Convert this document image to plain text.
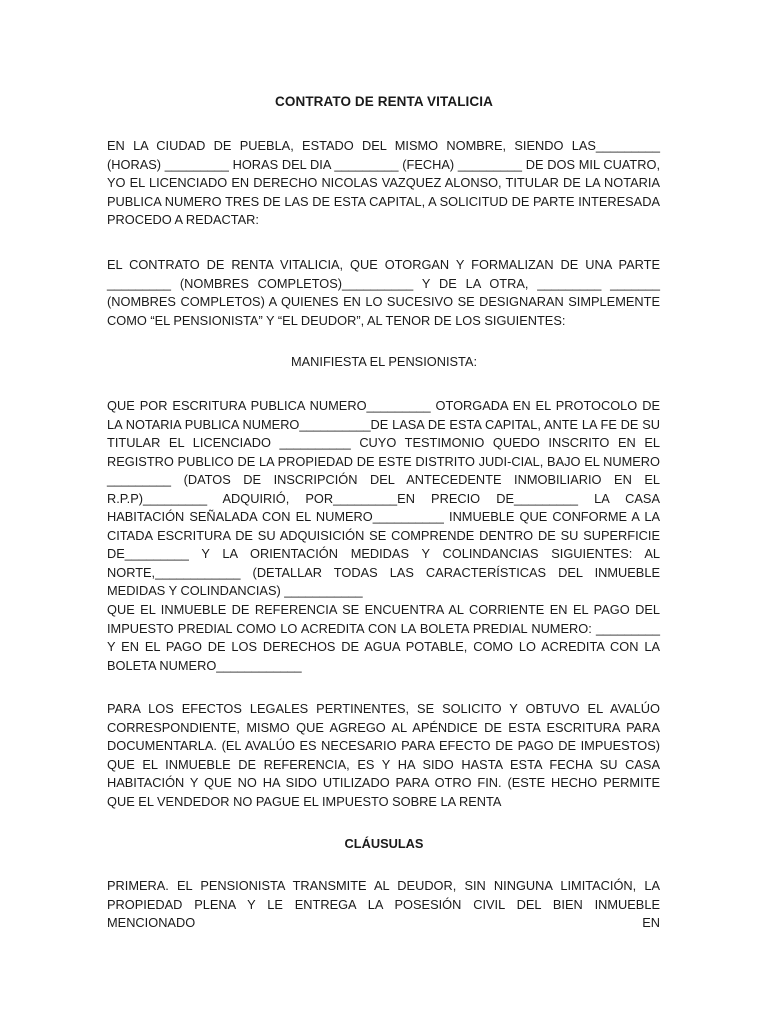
CONTRATO DE RENTA VITALICIA

EN LA CIUDAD DE PUEBLA, ESTADO DEL MISMO NOMBRE, SIENDO LAS_________ (HORAS) _________ HORAS DEL DIA _________ (FECHA) _________ DE DOS MIL CUATRO, YO EL LICENCIADO EN DERECHO NICOLAS VAZQUEZ ALONSO, TITULAR DE LA NOTARIA PUBLICA NUMERO TRES DE LAS DE ESTA CAPITAL, A SOLICITUD DE PARTE INTERESADA PROCEDO A REDACTAR:

EL CONTRATO DE RENTA VITALICIA, QUE OTORGAN Y FORMALIZAN DE UNA PARTE _________ (NOMBRES COMPLETOS)__________ Y DE LA OTRA, _________ _______ (NOMBRES COMPLETOS) A QUIENES EN LO SUCESIVO SE DESIGNARAN SIMPLEMENTE COMO “EL PENSIONISTA” Y “EL DEUDOR”, AL TENOR DE LOS SIGUIENTES:

MANIFIESTA EL PENSIONISTA:

QUE POR ESCRITURA PUBLICA NUMERO_________ OTORGADA EN EL PROTOCOLO DE LA NOTARIA PUBLICA NUMERO__________DE LASA DE ESTA CAPITAL, ANTE LA FE DE SU TITULAR EL LICENCIADO __________ CUYO TESTIMONIO QUEDO INSCRITO EN EL REGISTRO PUBLICO DE LA PROPIEDAD DE ESTE DISTRITO JUDI-CIAL, BAJO EL NUMERO _________ (DATOS DE INSCRIPCIÓN DEL ANTECEDENTE INMOBILIARIO EN EL R.P.P)_________ ADQUIRIÓ, POR_________EN PRECIO DE_________ LA CASA HABITACIÓN SEÑALADA CON EL NUMERO__________ INMUEBLE QUE CONFORME A LA CITADA ESCRITURA DE SU ADQUISICIÓN SE COMPRENDE DENTRO DE SU SUPERFICIE DE_________ Y LA ORIENTACIÓN MEDIDAS Y COLINDANCIAS SIGUIENTES: AL NORTE,____________ (DETALLAR TODAS LAS CARACTERÍSTICAS DEL INMUEBLE MEDIDAS Y COLINDANCIAS) ___________

QUE EL INMUEBLE DE REFERENCIA SE ENCUENTRA AL CORRIENTE EN EL PAGO DEL IMPUESTO PREDIAL COMO LO ACREDITA CON LA BOLETA PREDIAL NUMERO: _________ Y EN EL PAGO DE LOS DERECHOS DE AGUA POTABLE, COMO LO ACREDITA CON LA BOLETA NUMERO____________

PARA LOS EFECTOS LEGALES PERTINENTES, SE SOLICITO Y OBTUVO EL AVALÚO CORRESPONDIENTE, MISMO QUE AGREGO AL APÉNDICE DE ESTA ESCRITURA PARA DOCUMENTARLA. (EL AVALÚO ES NECESARIO PARA EFECTO DE PAGO DE IMPUESTOS) QUE EL INMUEBLE DE REFERENCIA, ES Y HA SIDO HASTA ESTA FECHA SU CASA HABITACIÓN Y QUE NO HA SIDO UTILIZADO PARA OTRO FIN. (ESTE HECHO PERMITE QUE EL VENDEDOR NO PAGUE EL IMPUESTO SOBRE LA RENTA

CLÁUSULAS

PRIMERA. EL PENSIONISTA TRANSMITE AL DEUDOR, SIN NINGUNA LIMITACIÓN, LA PROPIEDAD PLENA Y LE ENTREGA LA POSESIÓN CIVIL DEL BIEN INMUEBLE MENCIONADO EN
